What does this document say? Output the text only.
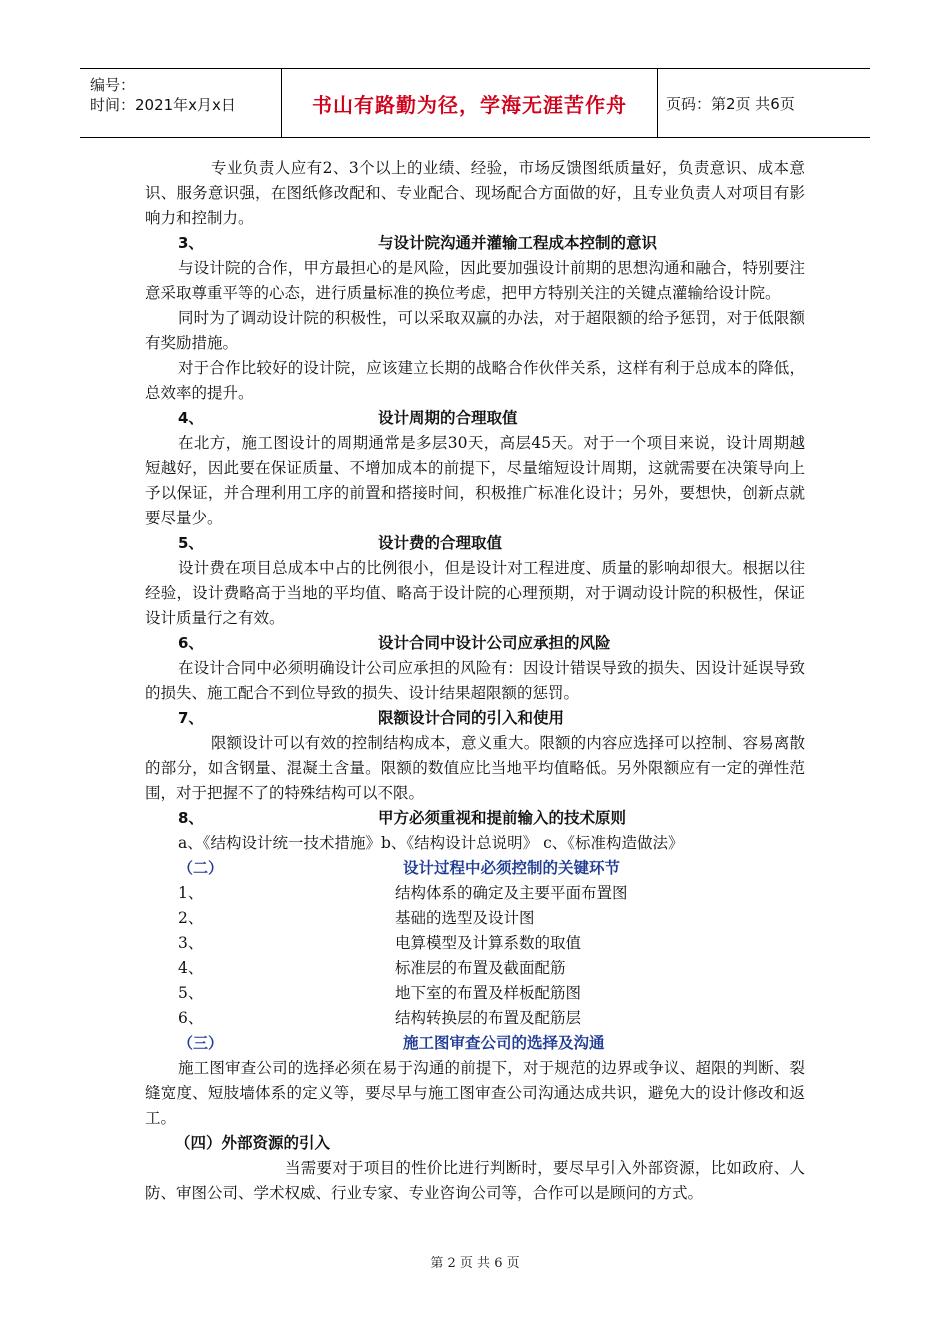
编号：
时间：2021年x月x日	书山有路勤为径，学海无涯苦作舟	页码：第2页 共6页
专业负责人应有2、3个以上的业绩、经验，市场反馈图纸质量好，负责意识、成本意识、服务意识强，在图纸修改配和、专业配合、现场配合方面做的好，且专业负责人对项目有影响力和控制力。
3、	与设计院沟通并灌输工程成本控制的意识
与设计院的合作，甲方最担心的是风险，因此要加强设计前期的思想沟通和融合，特别要注意采取尊重平等的心态，进行质量标准的换位考虑，把甲方特别关注的关键点灌输给设计院。
同时为了调动设计院的积极性，可以采取双赢的办法，对于超限额的给予惩罚，对于低限额有奖励措施。
对于合作比较好的设计院，应该建立长期的战略合作伙伴关系，这样有利于总成本的降低，总效率的提升。
4、	设计周期的合理取值
在北方，施工图设计的周期通常是多层30天，高层45天。对于一个项目来说，设计周期越短越好，因此要在保证质量、不增加成本的前提下，尽量缩短设计周期，这就需要在决策导向上予以保证，并合理利用工序的前置和搭接时间，积极推广标准化设计；另外，要想快，创新点就要尽量少。
5、	设计费的合理取值
设计费在项目总成本中占的比例很小，但是设计对工程进度、质量的影响却很大。根据以往经验，设计费略高于当地的平均值、略高于设计院的心理预期，对于调动设计院的积极性，保证设计质量行之有效。
6、	设计合同中设计公司应承担的风险
在设计合同中必须明确设计公司应承担的风险有：因设计错误导致的损失、因设计延误导致的损失、施工配合不到位导致的损失、设计结果超限额的惩罚。
7、	限额设计合同的引入和使用
限额设计可以有效的控制结构成本，意义重大。限额的内容应选择可以控制、容易离散的部分，如含钢量、混凝土含量。限额的数值应比当地平均值略低。另外限额应有一定的弹性范围，对于把握不了的特殊结构可以不限。
8、	甲方必须重视和提前输入的技术原则
a、《结构设计统一技术措施》b、《结构设计总说明》 c、《标准构造做法》
（二）	设计过程中必须控制的关键环节
1、	结构体系的确定及主要平面布置图
2、	基础的选型及设计图
3、	电算模型及计算系数的取值
4、	标准层的布置及截面配筋
5、	地下室的布置及样板配筋图
6、	结构转换层的布置及配筋层
（三）	施工图审查公司的选择及沟通
施工图审查公司的选择必须在易于沟通的前提下，对于规范的边界或争议、超限的判断、裂缝宽度、短肢墙体系的定义等，要尽早与施工图审查公司沟通达成共识，避免大的设计修改和返工。
（四）外部资源的引入
当需要对于项目的性价比进行判断时，要尽早引入外部资源，比如政府、人防、审图公司、学术权威、行业专家、专业咨询公司等，合作可以是顾问的方式。
第 2 页 共 6 页
